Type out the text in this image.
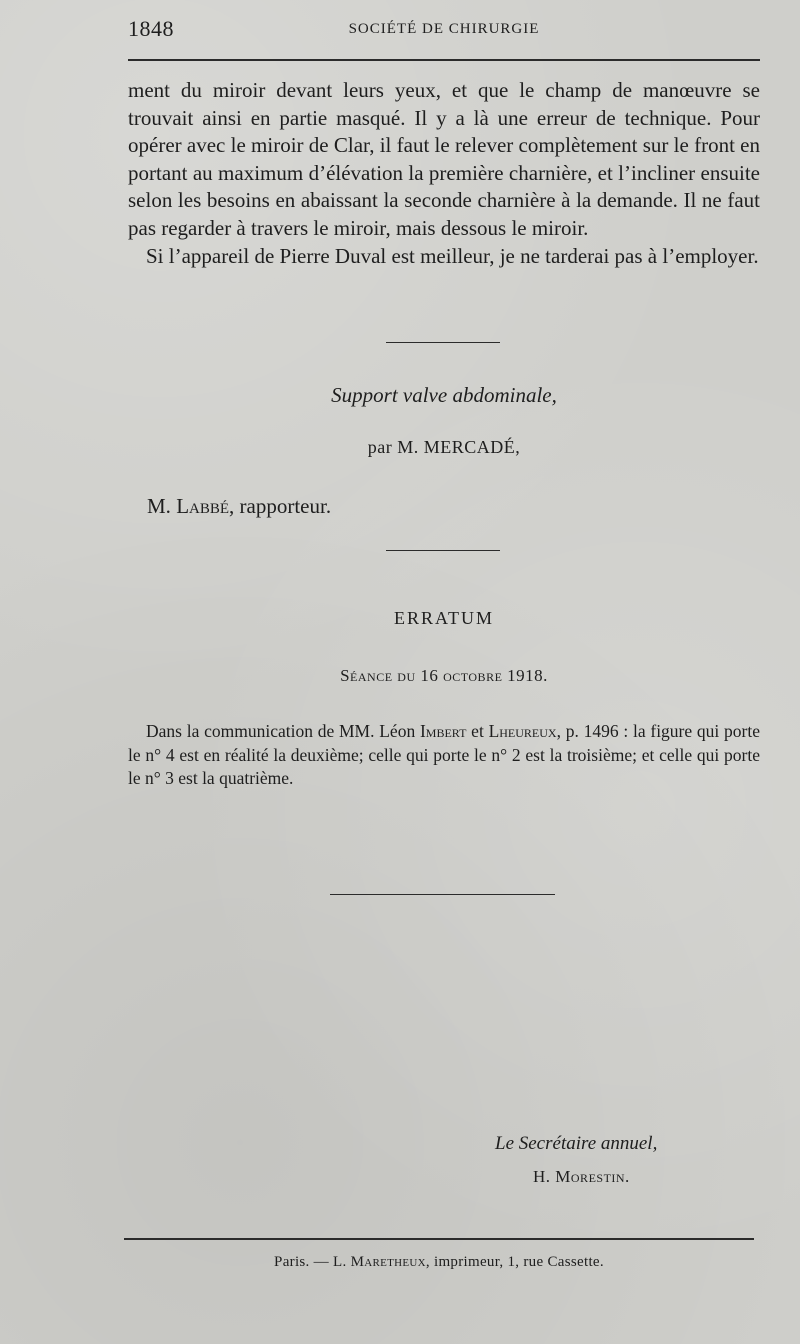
1848	SOCIÉTÉ DE CHIRURGIE

ment du miroir devant leurs yeux, et que le champ de manœuvre se trouvait ainsi en partie masqué. Il y a là une erreur de technique. Pour opérer avec le miroir de Clar, il faut le relever complètement sur le front en portant au maximum d’élévation la première charnière, et l’incliner ensuite selon les besoins en abaissant la seconde charnière à la demande. Il ne faut pas regarder à travers le miroir, mais dessous le miroir.

Si l’appareil de Pierre Duval est meilleur, je ne tarderai pas à l’employer.

Support valve abdominale,
par M. MERCADÉ,
M. Labbé, rapporteur.
ERRATUM
Séance du 16 octobre 1918.

Dans la communication de MM. Léon Imbert et Lheureux, p. 1496 : la figure qui porte le n° 4 est en réalité la deuxième; celle qui porte le n° 2 est la troisième; et celle qui porte le n° 3 est la quatrième.

Le Secrétaire annuel,
H. Morestin.
Paris. — L. Maretheux, imprimeur, 1, rue Cassette.
